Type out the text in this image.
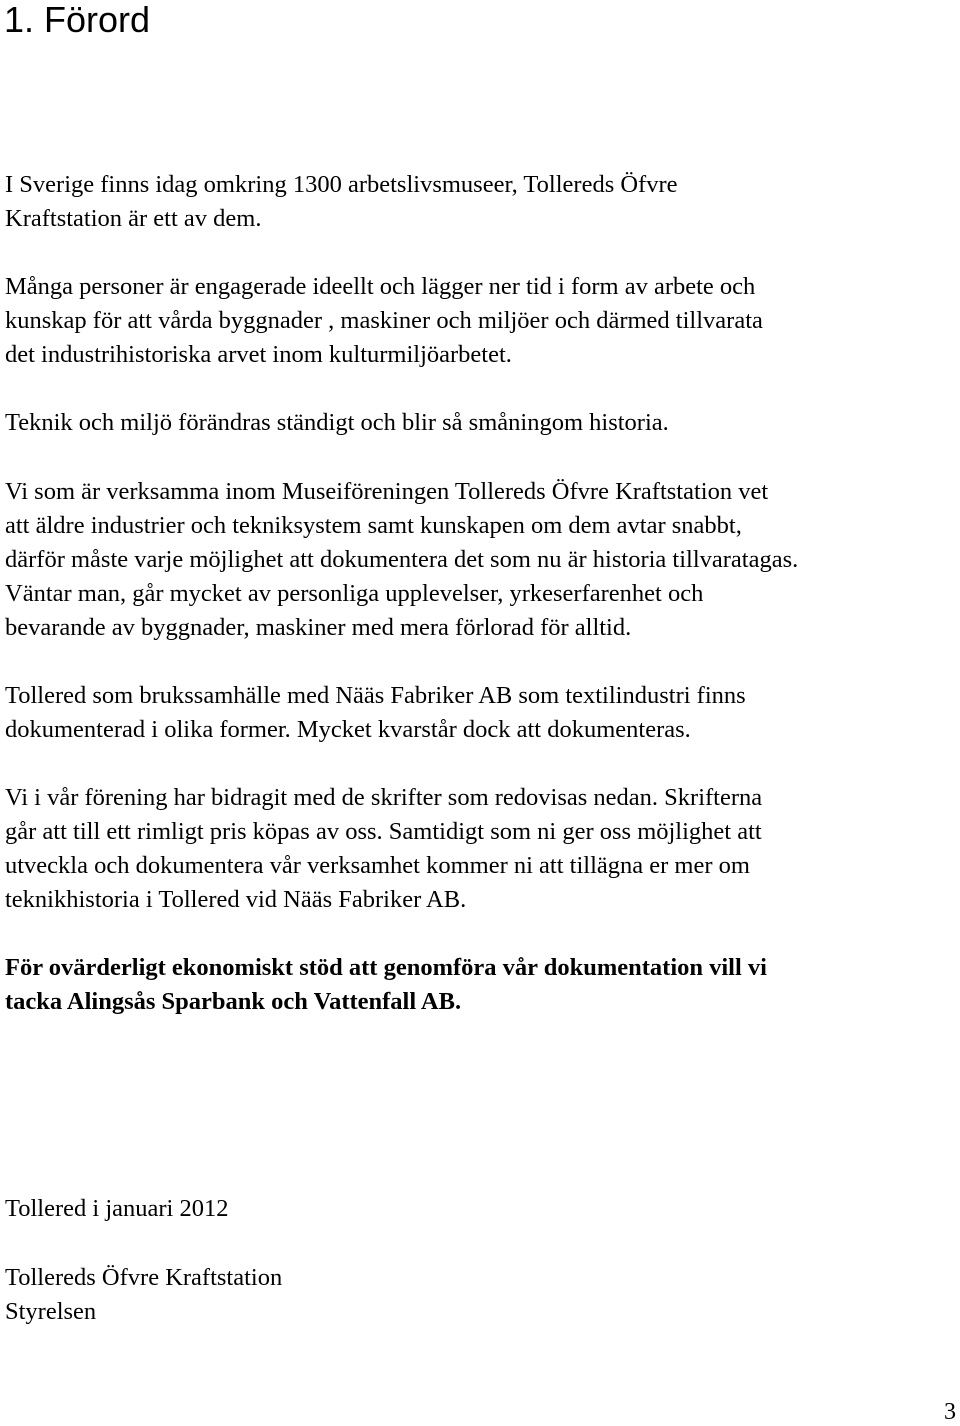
1. Förord

I Sverige finns idag omkring 1300 arbetslivsmuseer, Tollereds Öfvre
Kraftstation är ett av dem.

Många personer är engagerade ideellt och lägger ner tid i form av arbete och
kunskap för att vårda byggnader , maskiner och miljöer och därmed tillvarata
det industrihistoriska arvet inom kulturmiljöarbetet.

Teknik och miljö förändras ständigt och blir så småningom historia.

Vi som är verksamma inom Museiföreningen Tollereds Öfvre Kraftstation vet
att äldre industrier och tekniksystem samt kunskapen om dem avtar snabbt,
därför måste varje möjlighet att dokumentera det som nu är historia tillvaratagas.
Väntar man, går mycket av personliga upplevelser, yrkeserfarenhet och
bevarande av byggnader, maskiner med mera förlorad för alltid.

Tollered som brukssamhälle med Nääs Fabriker AB som textilindustri finns
dokumenterad i olika former. Mycket kvarstår dock att dokumenteras.

Vi i vår förening har bidragit med de skrifter som redovisas nedan. Skrifterna
går att till ett rimligt pris köpas av oss. Samtidigt som ni ger oss möjlighet att
utveckla och dokumentera vår verksamhet kommer ni att tillägna er mer om
teknikhistoria i Tollered vid Nääs Fabriker AB.

För ovärderligt ekonomiskt stöd att genomföra vår dokumentation vill vi
tacka Alingsås Sparbank och Vattenfall AB.

Tollered i januari 2012

Tollereds Öfvre Kraftstation
Styrelsen

3
